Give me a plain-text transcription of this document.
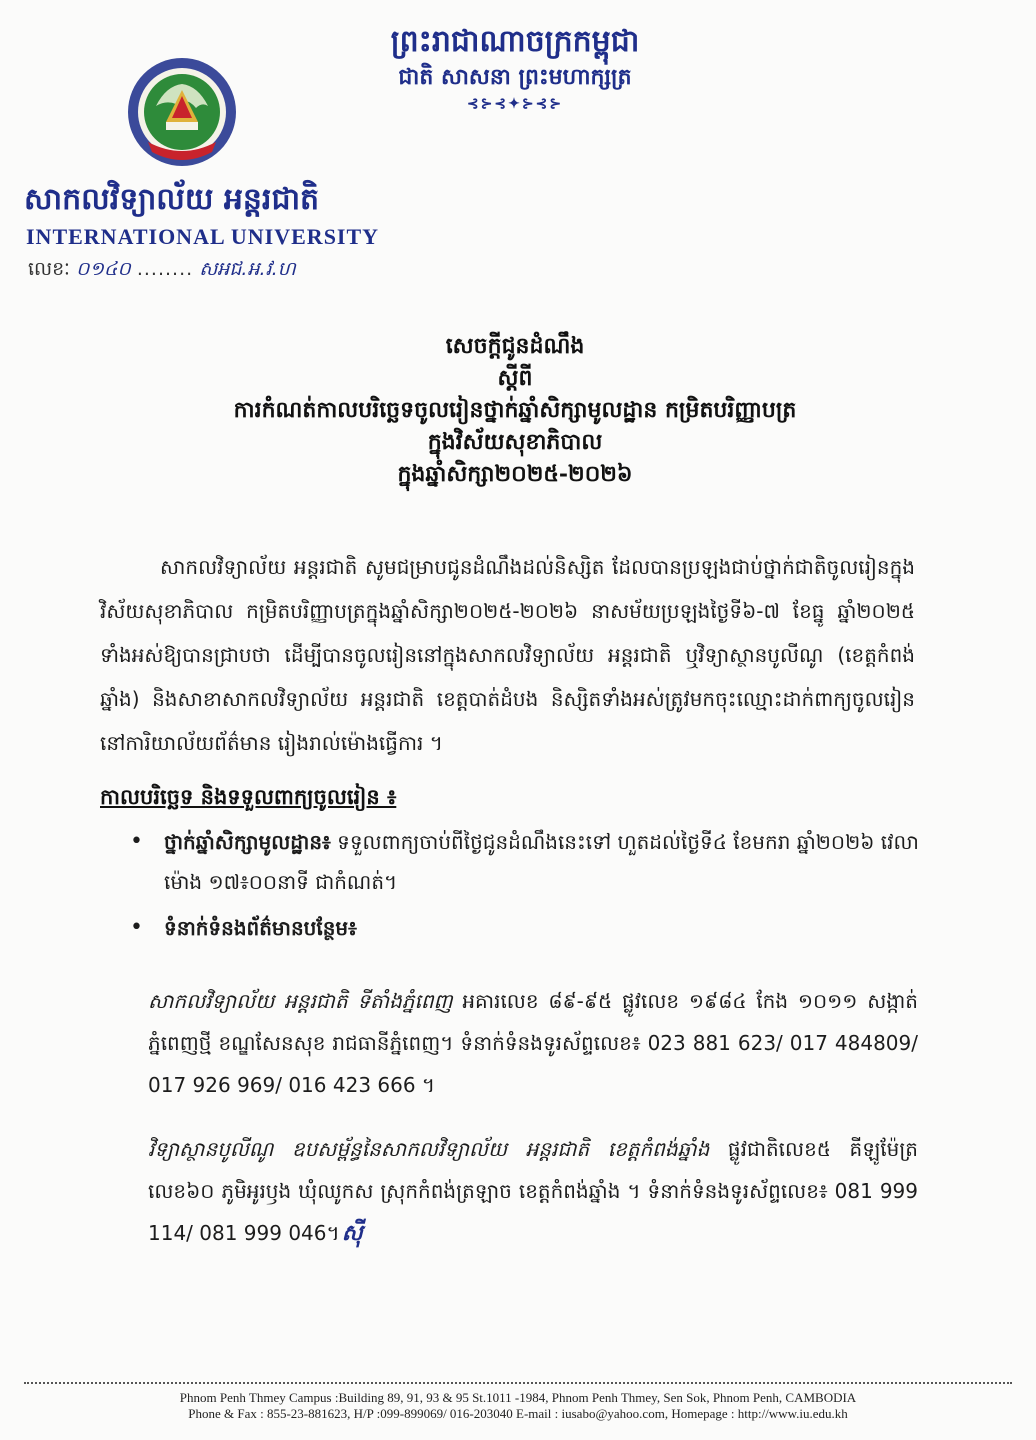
ព្រះរាជាណាចក្រកម្ពុជា
ជាតិ សាសនា ព្រះមហាក្សត្រ
⊰⊱⊰✦⊱⊰⊱
សាកលវិទ្យាល័យ អន្តរជាតិ
INTERNATIONAL UNIVERSITY
លេខៈ ០១៤០ ........ សអជ.អ.វ.ហ
សេចក្តីជូនដំណឹង
ស្តីពី
ការកំណត់កាលបរិច្ឆេទចូលរៀនថ្នាក់ឆ្នាំសិក្សាមូលដ្ឋាន កម្រិតបរិញ្ញាបត្រ
ក្នុងវិស័យសុខាភិបាល
ក្នុងឆ្នាំសិក្សា២០២៥-២០២៦

សាកលវិទ្យាល័យ អន្តរជាតិ សូមជម្រាបជូនដំណឹងដល់និស្សិត ដែលបានប្រឡងជាប់ថ្នាក់ជាតិចូលរៀនក្នុងវិស័យសុខាភិបាល កម្រិតបរិញ្ញាបត្រក្នុងឆ្នាំសិក្សា២០២៥-២០២៦ នាសម័យប្រឡងថ្ងៃទី៦-៧ ខែធ្នូ ឆ្នាំ២០២៥ ទាំងអស់ឱ្យបានជ្រាបថា ដើម្បីបានចូលរៀននៅក្នុងសាកលវិទ្យាល័យ អន្តរជាតិ ឬវិទ្យាស្ថានបូលីណូ (ខេត្តកំពង់ឆ្នាំង) និងសាខាសាកលវិទ្យាល័យ អន្តរជាតិ ខេត្តបាត់ដំបង និស្សិតទាំងអស់ត្រូវមកចុះឈ្មោះដាក់ពាក្យចូលរៀន នៅការិយាល័យព័ត៌មាន រៀងរាល់ម៉ោងធ្វើការ ។

កាលបរិច្ឆេទ និងទទួលពាក្យចូលរៀន ៖
• ថ្នាក់ឆ្នាំសិក្សាមូលដ្ឋាន៖ ទទួលពាក្យចាប់ពីថ្ងៃជូនដំណឹងនេះទៅ ហួតដល់ថ្ងៃទី៤ ខែមករា ឆ្នាំ២០២៦ វេលាម៉ោង ១៧៖០០នាទី ជាកំណត់។
• ទំនាក់ទំនងព័ត៌មានបន្ថែម៖
សាកលវិទ្យាល័យ អន្តរជាតិ ទីតាំងភ្នំពេញ អគារលេខ ៨៩-៩៥ ផ្លូវលេខ ១៩៨៤ កែង ១០១១ សង្កាត់ភ្នំពេញថ្មី ខណ្ឌសែនសុខ រាជធានីភ្នំពេញ។ ទំនាក់ទំនងទូរស័ព្ទលេខ៖ 023 881 623/ 017 484809/ 017 926 969/ 016 423 666 ។
វិទ្យាស្ថានបូលីណូ ឧបសម្ព័ន្ធនៃសាកលវិទ្យាល័យ អន្តរជាតិ ខេត្តកំពង់ឆ្នាំង ផ្លូវជាតិលេខ៥ គីឡូម៉ែត្រលេខ៦០ ភូមិអូរឫង ឃុំឈូកស ស្រុកកំពង់ត្រឡាច ខេត្តកំពង់ឆ្នាំង ។ ទំនាក់ទំនងទូរស័ព្ទលេខ៖ 081 999 114/ 081 999 046។ស៊ី
Phnom Penh Thmey Campus :Building 89, 91, 93 & 95 St.1011 -1984, Phnom Penh Thmey, Sen Sok, Phnom Penh, CAMBODIA
Phone & Fax : 855-23-881623, H/P :099-899069/ 016-203040 E-mail : iusabo@yahoo.com, Homepage : http://www.iu.edu.kh
